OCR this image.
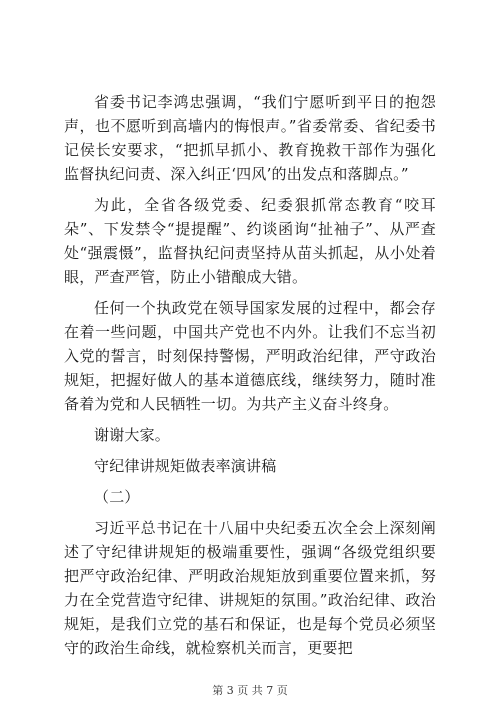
省委书记李鸿忠强调，“我们宁愿听到平日的抱怨声，也不愿听到高墙内的悔恨声。”省委常委、省纪委书记侯长安要求，“把抓早抓小、教育挽救干部作为强化监督执纪问责、深入纠正‘四风’的出发点和落脚点。”

为此，全省各级党委、纪委狠抓常态教育“咬耳朵”、下发禁令“提提醒”、约谈函询“扯袖子”、从严查处“强震慑”，监督执纪问责坚持从苗头抓起，从小处着眼，严查严管，防止小错酿成大错。

任何一个执政党在领导国家发展的过程中，都会存在着一些问题，中国共产党也不内外。让我们不忘当初入党的誓言，时刻保持警惕，严明政治纪律，严守政治规矩，把握好做人的基本道德底线，继续努力，随时准备着为党和人民牺牲一切。为共产主义奋斗终身。

谢谢大家。

守纪律讲规矩做表率演讲稿

（二）

习近平总书记在十八届中央纪委五次全会上深刻阐述了守纪律讲规矩的极端重要性，强调“各级党组织要把严守政治纪律、严明政治规矩放到重要位置来抓，努力在全党营造守纪律、讲规矩的氛围。”政治纪律、政治规矩，是我们立党的基石和保证，也是每个党员必须坚守的政治生命线，就检察机关而言，更要把

第 3 页 共 7 页
